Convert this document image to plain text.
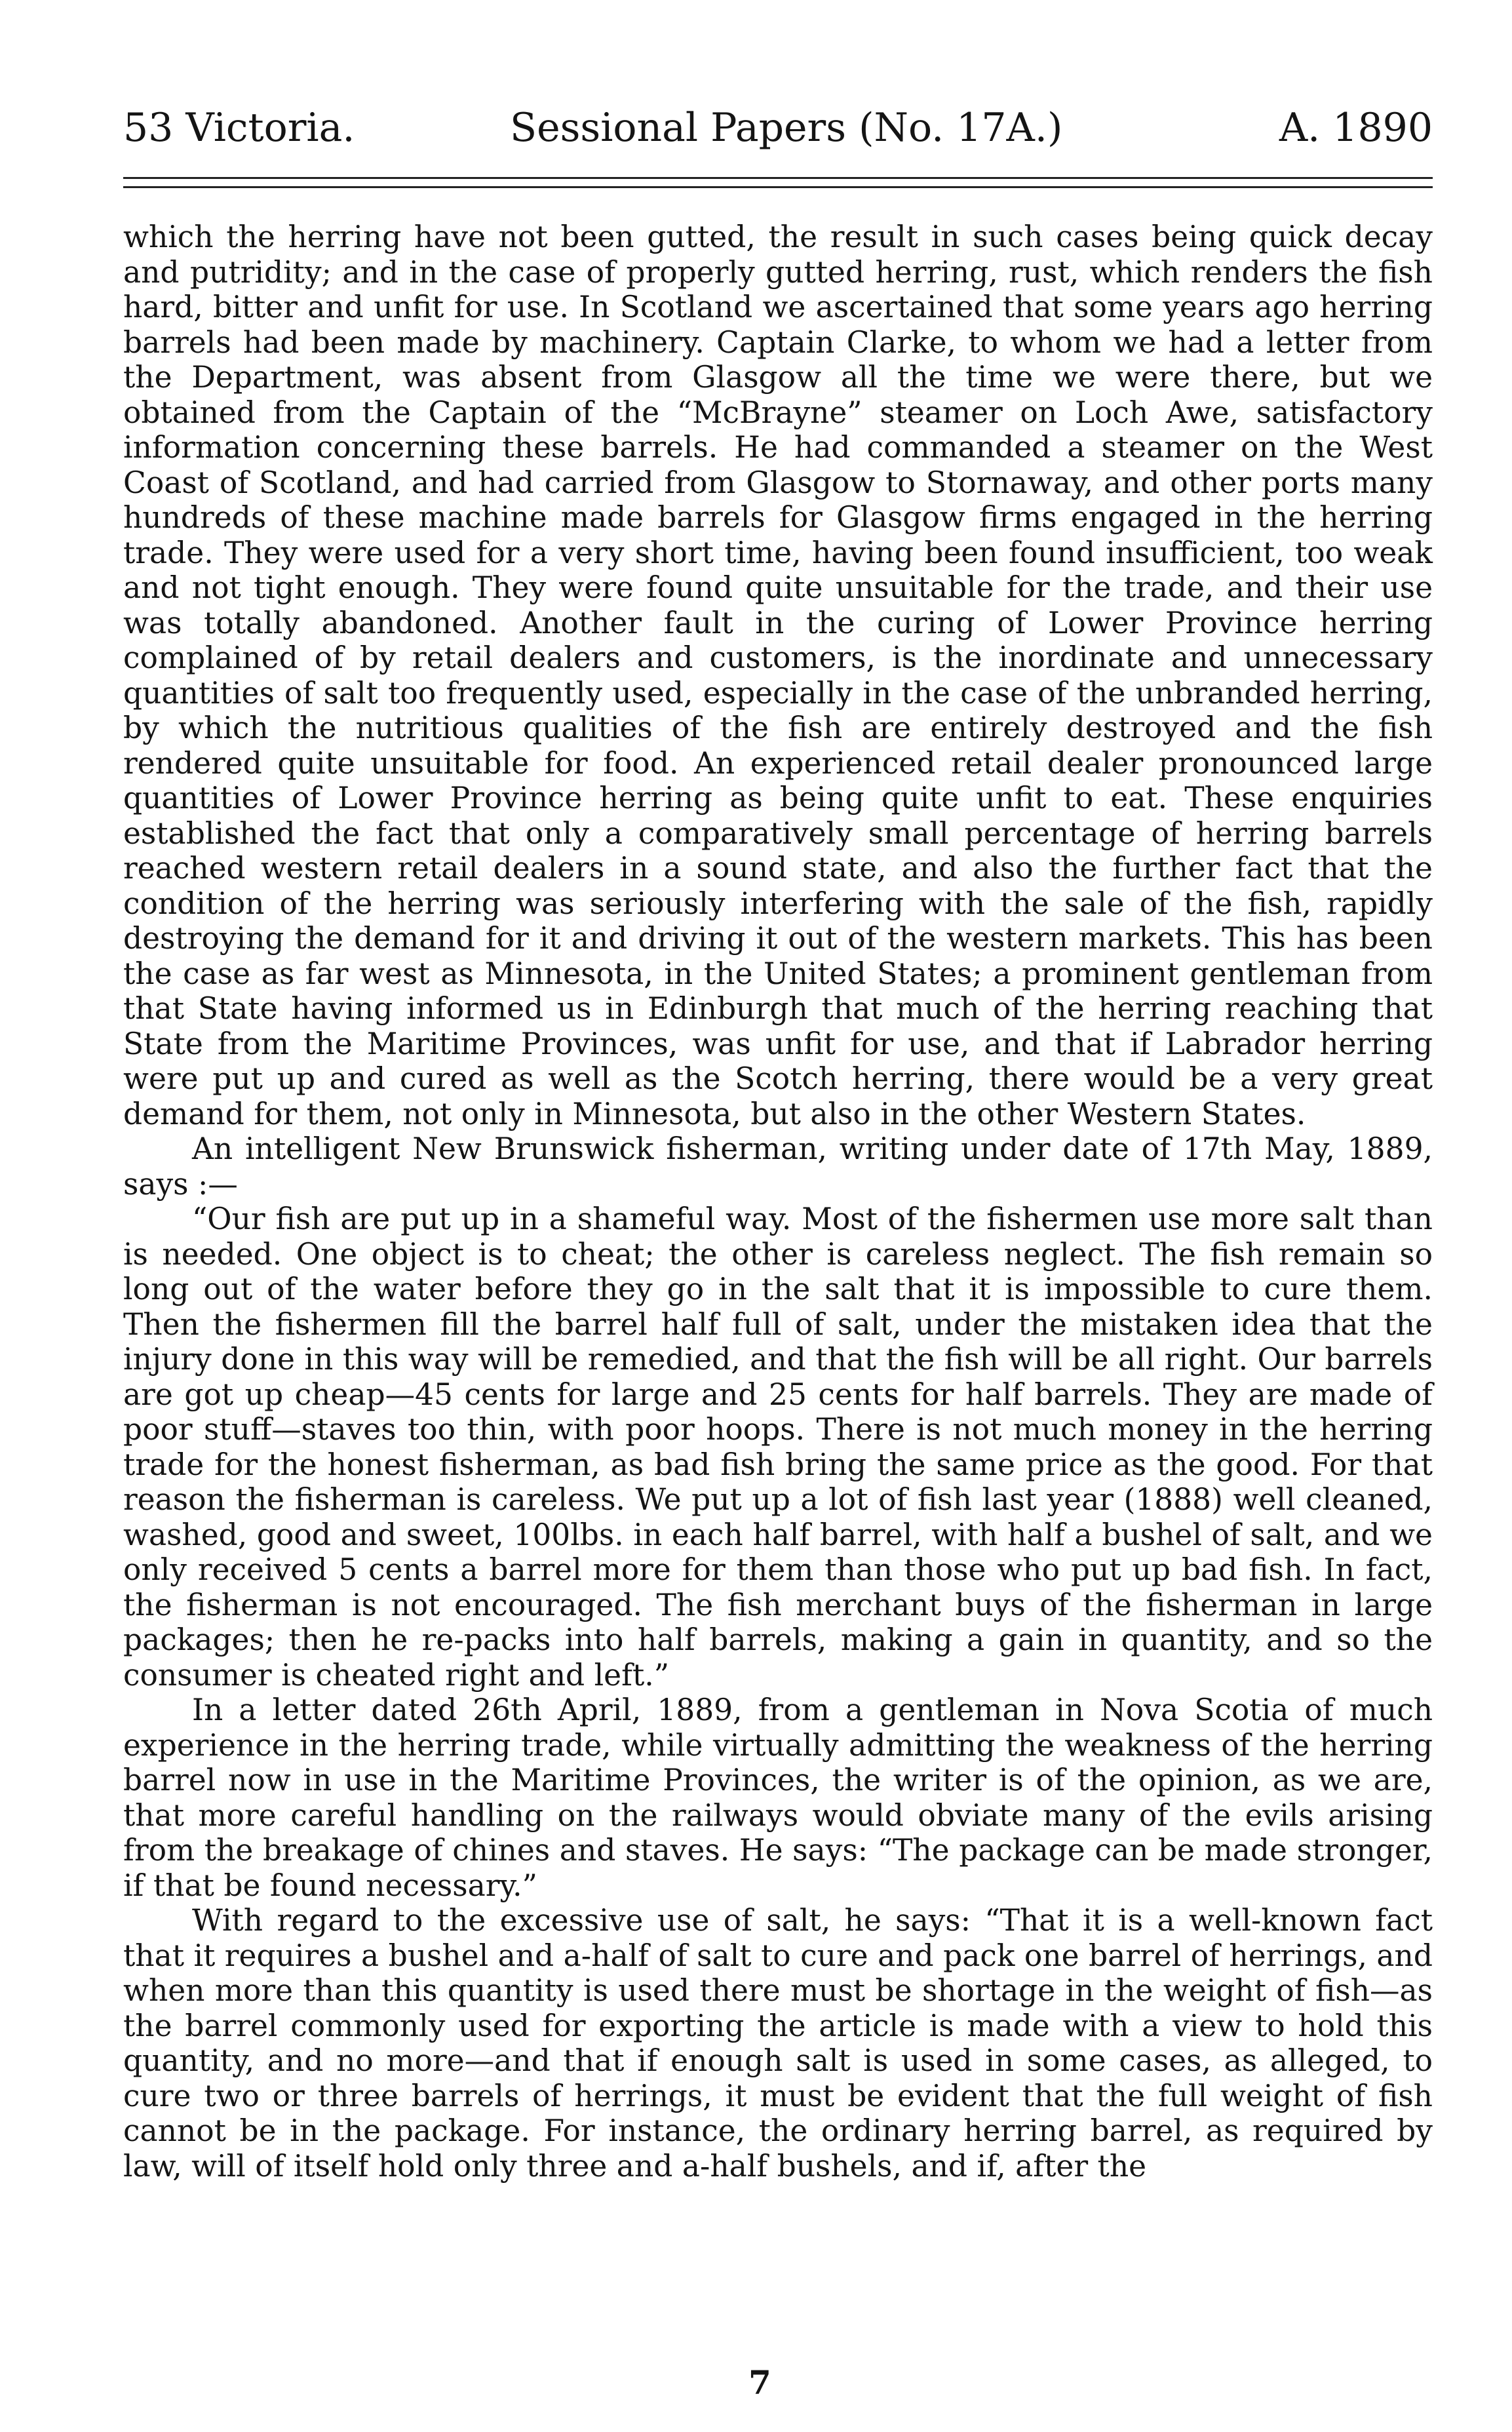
53 Victoria.	Sessional Papers (No. 17A.)	A. 1890

which the herring have not been gutted, the result in such cases being quick decay and putridity; and in the case of properly gutted herring, rust, which renders the fish hard, bitter and unfit for use. In Scotland we ascertained that some years ago herring barrels had been made by machinery. Captain Clarke, to whom we had a letter from the Department, was absent from Glasgow all the time we were there, but we obtained from the Captain of the “McBrayne” steamer on Loch Awe, satisfactory information concerning these barrels. He had commanded a steamer on the West Coast of Scotland, and had carried from Glasgow to Stornaway, and other ports many hundreds of these machine made barrels for Glasgow firms engaged in the herring trade. They were used for a very short time, having been found insufficient, too weak and not tight enough. They were found quite unsuitable for the trade, and their use was totally abandoned. Another fault in the curing of Lower Province herring complained of by retail dealers and customers, is the inordinate and unnecessary quantities of salt too frequently used, especially in the case of the unbranded herring, by which the nutritious qualities of the fish are entirely destroyed and the fish rendered quite unsuitable for food. An experienced retail dealer pronounced large quantities of Lower Province herring as being quite unfit to eat. These enquiries established the fact that only a comparatively small percentage of herring barrels reached western retail dealers in a sound state, and also the further fact that the condition of the herring was seriously interfering with the sale of the fish, rapidly destroying the demand for it and driving it out of the western markets. This has been the case as far west as Minnesota, in the United States; a prominent gentleman from that State having informed us in Edinburgh that much of the herring reaching that State from the Maritime Provinces, was unfit for use, and that if Labrador herring were put up and cured as well as the Scotch herring, there would be a very great demand for them, not only in Minnesota, but also in the other Western States.

An intelligent New Brunswick fisherman, writing under date of 17th May, 1889, says :—

“Our fish are put up in a shameful way. Most of the fishermen use more salt than is needed. One object is to cheat; the other is careless neglect. The fish remain so long out of the water before they go in the salt that it is impossible to cure them. Then the fishermen fill the barrel half full of salt, under the mistaken idea that the injury done in this way will be remedied, and that the fish will be all right. Our barrels are got up cheap—45 cents for large and 25 cents for half barrels. They are made of poor stuff—staves too thin, with poor hoops. There is not much money in the herring trade for the honest fisherman, as bad fish bring the same price as the good. For that reason the fisherman is careless. We put up a lot of fish last year (1888) well cleaned, washed, good and sweet, 100lbs. in each half barrel, with half a bushel of salt, and we only received 5 cents a barrel more for them than those who put up bad fish. In fact, the fisherman is not encouraged. The fish merchant buys of the fisherman in large packages; then he re-packs into half barrels, making a gain in quantity, and so the consumer is cheated right and left.”

In a letter dated 26th April, 1889, from a gentleman in Nova Scotia of much experience in the herring trade, while virtually admitting the weakness of the herring barrel now in use in the Maritime Provinces, the writer is of the opinion, as we are, that more careful handling on the railways would obviate many of the evils arising from the breakage of chines and staves. He says: “The package can be made stronger, if that be found necessary.”

With regard to the excessive use of salt, he says: “That it is a well-known fact that it requires a bushel and a-half of salt to cure and pack one barrel of herrings, and when more than this quantity is used there must be shortage in the weight of fish—as the barrel commonly used for exporting the article is made with a view to hold this quantity, and no more—and that if enough salt is used in some cases, as alleged, to cure two or three barrels of herrings, it must be evident that the full weight of fish cannot be in the package. For instance, the ordinary herring barrel, as required by law, will of itself hold only three and a-half bushels, and if, after the

7
